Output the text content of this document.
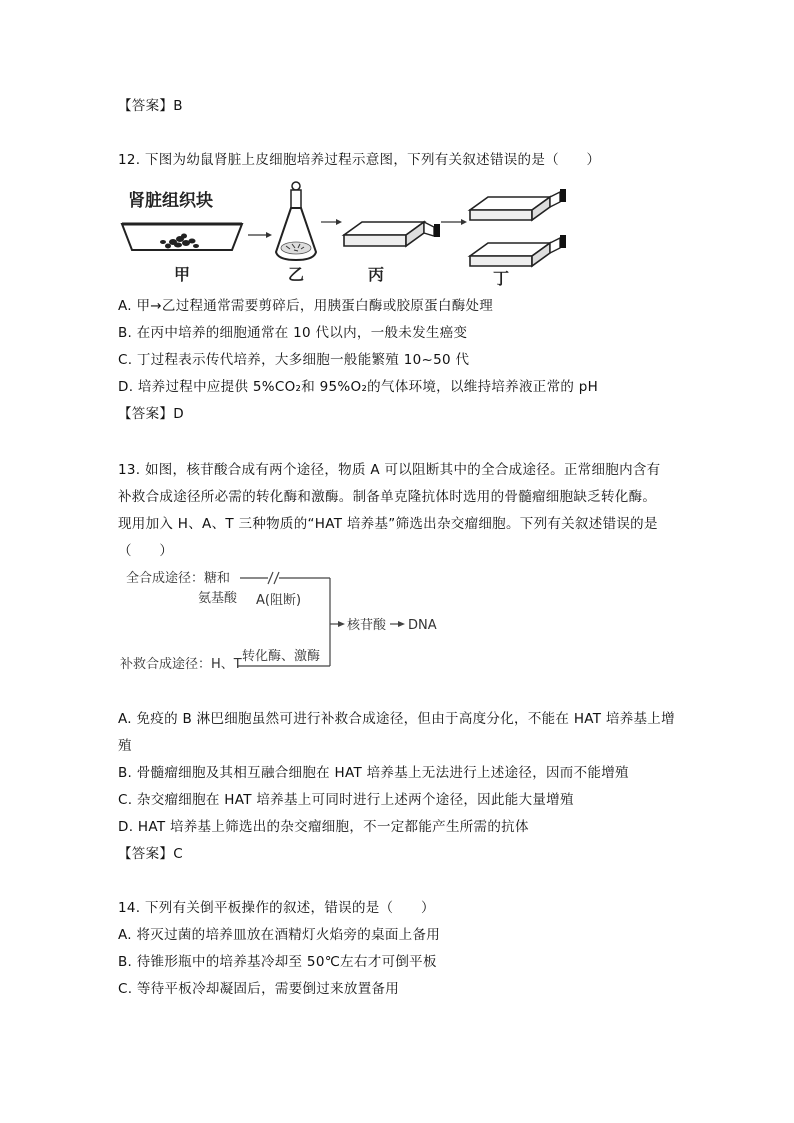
【答案】B
12. 下图为幼鼠肾脏上皮细胞培养过程示意图，下列有关叙述错误的是（　　）
肾脏组织块
甲	乙	丙	丁
A. 甲→乙过程通常需要剪碎后，用胰蛋白酶或胶原蛋白酶处理
B. 在丙中培养的细胞通常在 10 代以内，一般未发生癌变
C. 丁过程表示传代培养，大多细胞一般能繁殖 10~50 代
D. 培养过程中应提供 5%CO₂和 95%O₂的气体环境，以维持培养液正常的 pH
【答案】D
13. 如图，核苷酸合成有两个途径，物质 A 可以阻断其中的全合成途径。正常细胞内含有
补救合成途径所必需的转化酶和激酶。制备单克隆抗体时选用的骨髓瘤细胞缺乏转化酶。
现用加入 H、A、T 三种物质的“HAT 培养基”筛选出杂交瘤细胞。下列有关叙述错误的是
（　　）
全合成途径：糖和
氨基酸 A(阻断)
补救合成途径：H、T
转化酶、激酶
核苷酸 DNA
A. 免疫的 B 淋巴细胞虽然可进行补救合成途径，但由于高度分化，不能在 HAT 培养基上增
殖
B. 骨髓瘤细胞及其相互融合细胞在 HAT 培养基上无法进行上述途径，因而不能增殖
C. 杂交瘤细胞在 HAT 培养基上可同时进行上述两个途径，因此能大量增殖
D. HAT 培养基上筛选出的杂交瘤细胞，不一定都能产生所需的抗体
【答案】C
14. 下列有关倒平板操作的叙述，错误的是（　　）
A. 将灭过菌的培养皿放在酒精灯火焰旁的桌面上备用
B. 待锥形瓶中的培养基冷却至 50℃左右才可倒平板
C. 等待平板冷却凝固后，需要倒过来放置备用
